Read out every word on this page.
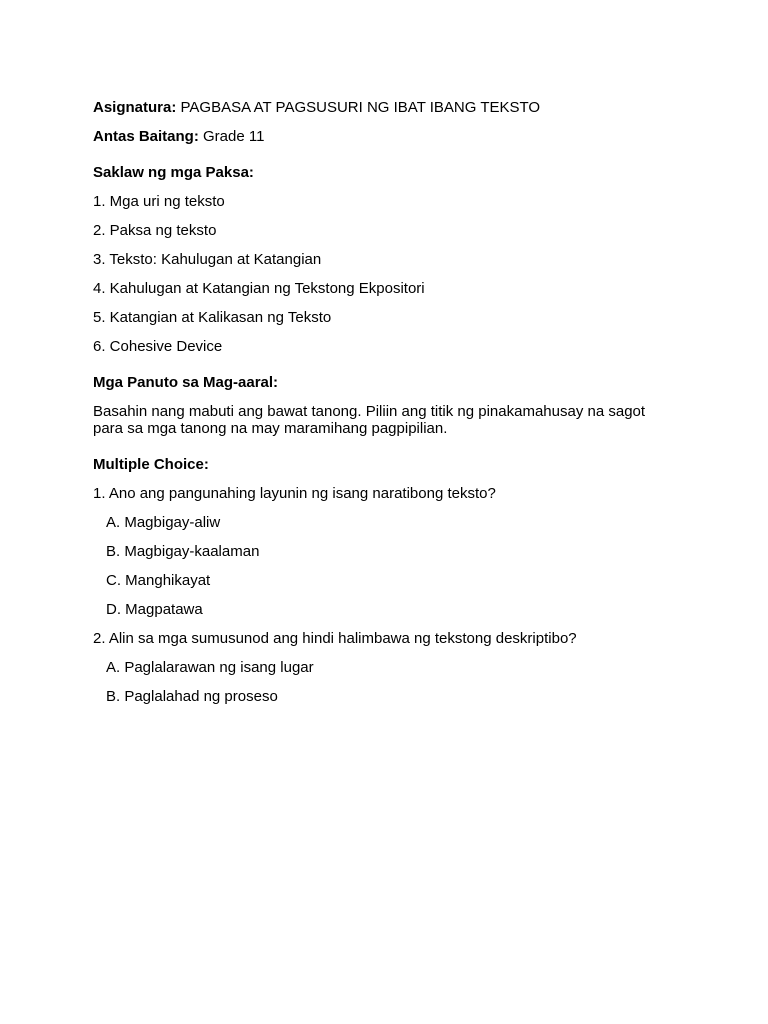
Asignatura: PAGBASA AT PAGSUSURI NG IBAT IBANG TEKSTO
Antas Baitang: Grade 11
Saklaw ng mga Paksa:
1. Mga uri ng teksto
2. Paksa ng teksto
3. Teksto: Kahulugan at Katangian
4. Kahulugan at Katangian ng Tekstong Ekpositori
5. Katangian at Kalikasan ng Teksto
6. Cohesive Device
Mga Panuto sa Mag-aaral:
Basahin nang mabuti ang bawat tanong. Piliin ang titik ng pinakamahusay na sagot
para sa mga tanong na may maramihang pagpipilian.
Multiple Choice:
1. Ano ang pangunahing layunin ng isang naratibong teksto?
A. Magbigay-aliw
B. Magbigay-kaalaman
C. Manghikayat
D. Magpatawa
2. Alin sa mga sumusunod ang hindi halimbawa ng tekstong deskriptibo?
A. Paglalarawan ng isang lugar
B. Paglalahad ng proseso
